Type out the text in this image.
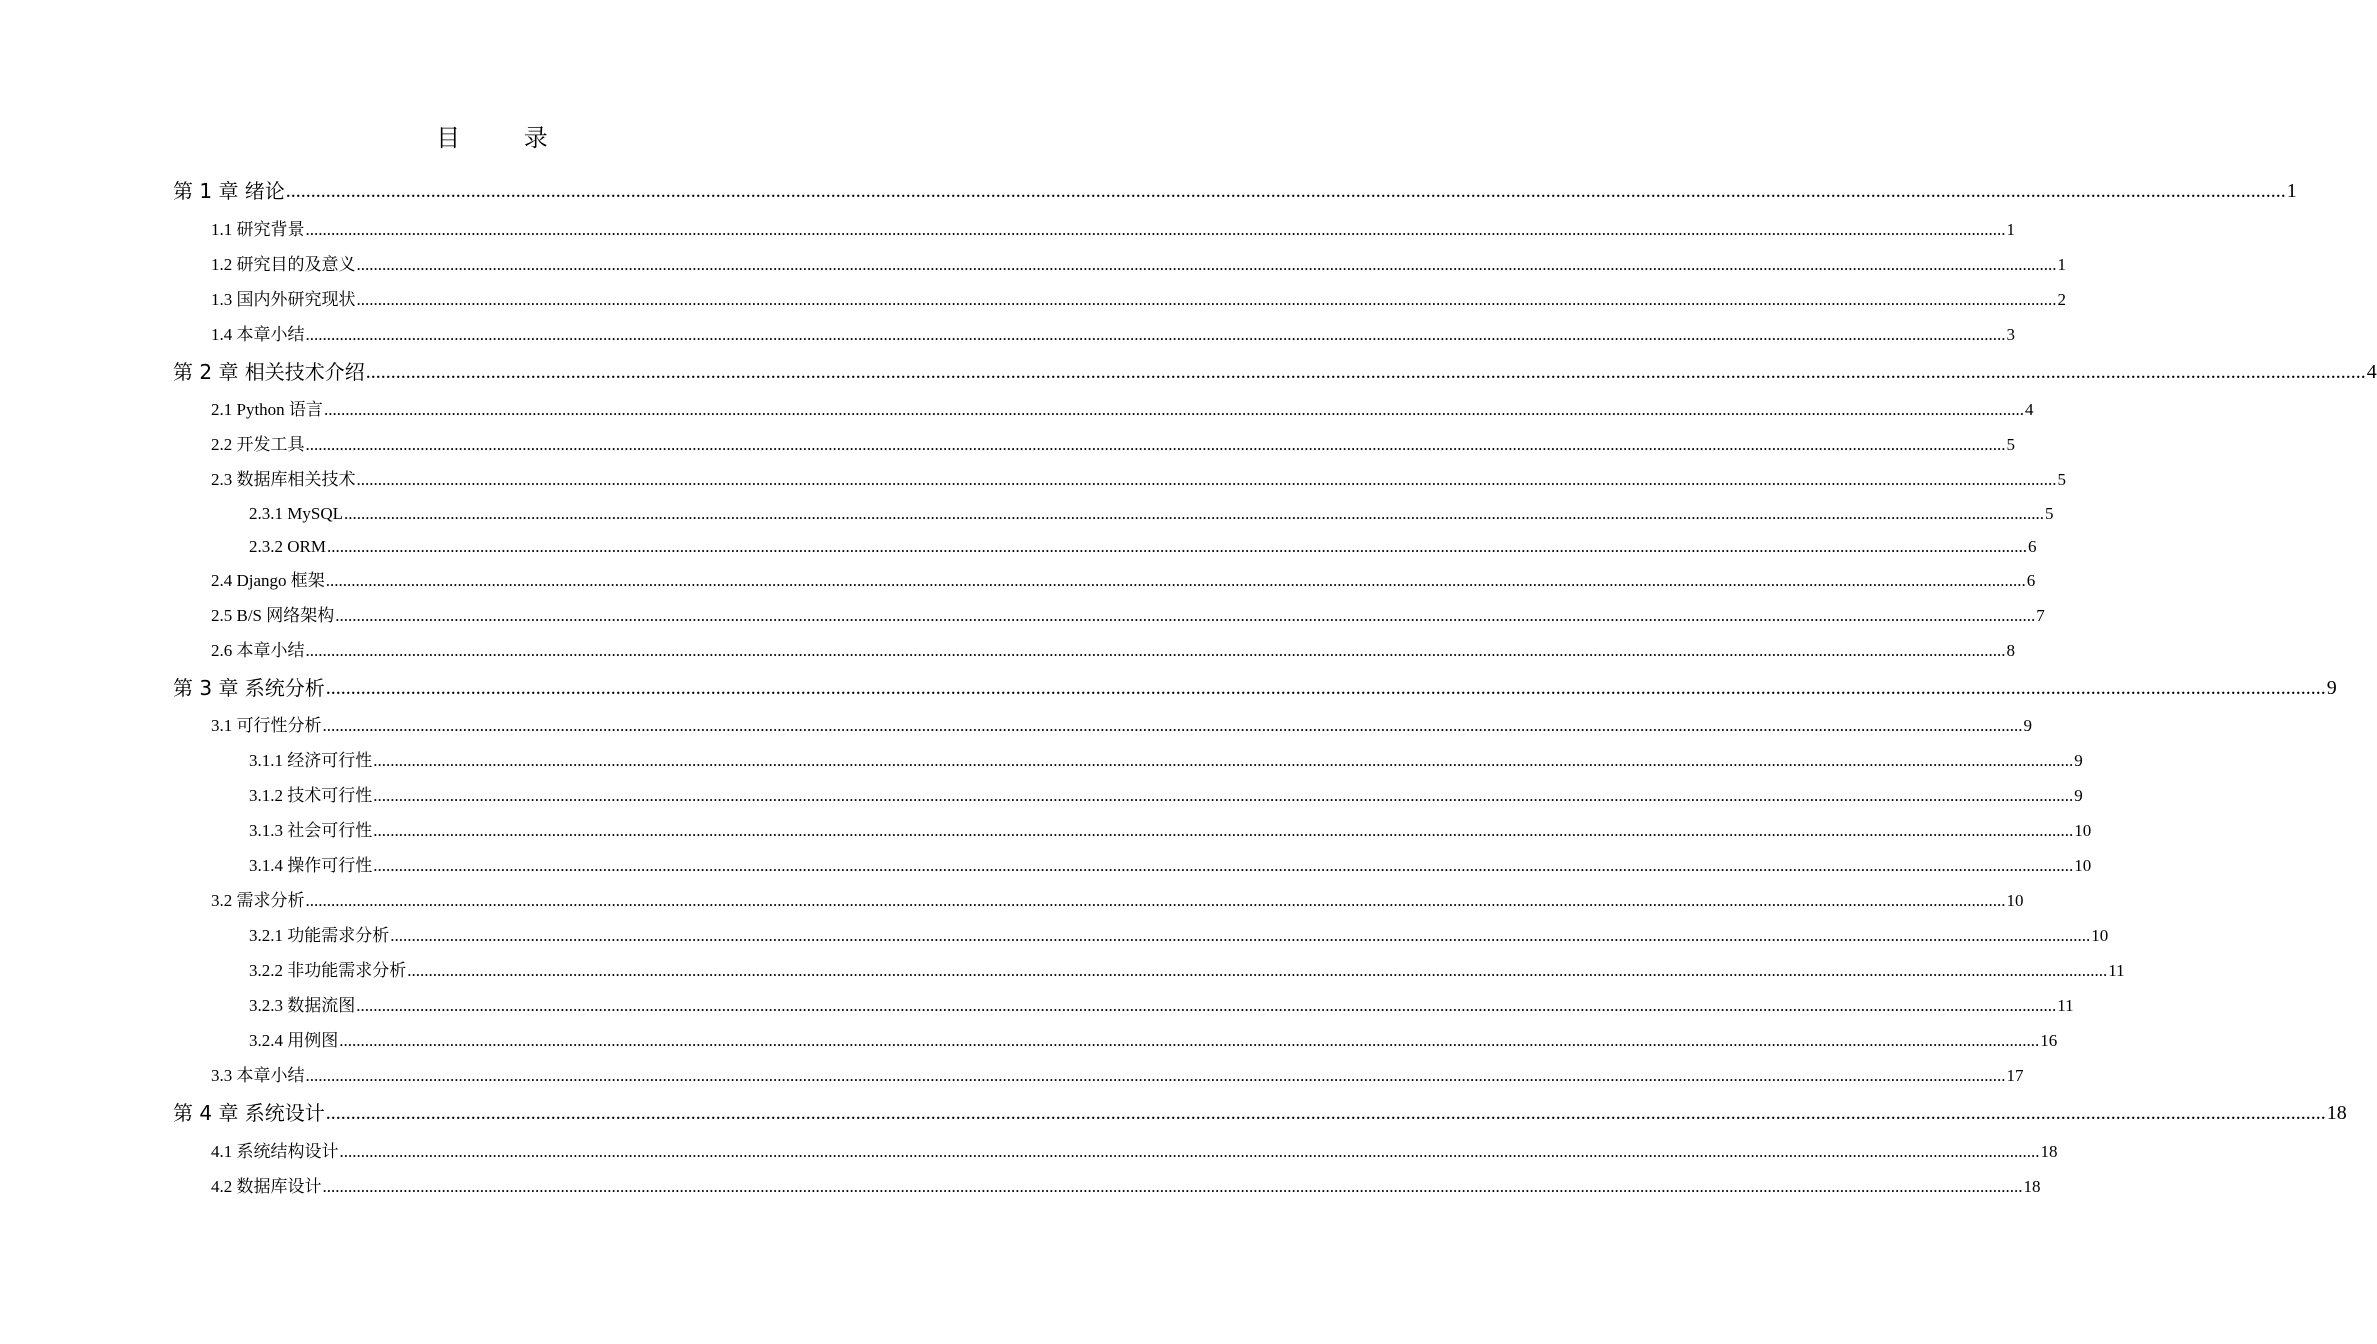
目 录
第 1 章 绪论 ................................................................................................................................................................................................................................................................................................................................................................................................................ 1
1.1 研究背景 ................................................................................................................................................................................................................................................................................................................................................................................................................ 1
1.2 研究目的及意义 ................................................................................................................................................................................................................................................................................................................................................................................................................ 1
1.3 国内外研究现状 ................................................................................................................................................................................................................................................................................................................................................................................................................ 2
1.4 本章小结 ................................................................................................................................................................................................................................................................................................................................................................................................................ 3
第 2 章 相关技术介绍 ................................................................................................................................................................................................................................................................................................................................................................................................................ 4
2.1 Python 语言 ................................................................................................................................................................................................................................................................................................................................................................................................................ 4
2.2 开发工具 ................................................................................................................................................................................................................................................................................................................................................................................................................ 5
2.3 数据库相关技术 ................................................................................................................................................................................................................................................................................................................................................................................................................ 5
2.3.1 MySQL ................................................................................................................................................................................................................................................................................................................................................................................................................ 5
2.3.2 ORM ................................................................................................................................................................................................................................................................................................................................................................................................................ 6
2.4 Django 框架 ................................................................................................................................................................................................................................................................................................................................................................................................................ 6
2.5 B/S 网络架构 ................................................................................................................................................................................................................................................................................................................................................................................................................ 7
2.6 本章小结 ................................................................................................................................................................................................................................................................................................................................................................................................................ 8
第 3 章 系统分析 ................................................................................................................................................................................................................................................................................................................................................................................................................ 9
3.1 可行性分析 ................................................................................................................................................................................................................................................................................................................................................................................................................ 9
3.1.1 经济可行性 ................................................................................................................................................................................................................................................................................................................................................................................................................ 9
3.1.2 技术可行性 ................................................................................................................................................................................................................................................................................................................................................................................................................ 9
3.1.3 社会可行性 ................................................................................................................................................................................................................................................................................................................................................................................................................ 10
3.1.4 操作可行性 ................................................................................................................................................................................................................................................................................................................................................................................................................ 10
3.2 需求分析 ................................................................................................................................................................................................................................................................................................................................................................................................................ 10
3.2.1 功能需求分析 ................................................................................................................................................................................................................................................................................................................................................................................................................ 10
3.2.2 非功能需求分析 ................................................................................................................................................................................................................................................................................................................................................................................................................ 11
3.2.3 数据流图 ................................................................................................................................................................................................................................................................................................................................................................................................................ 11
3.2.4 用例图 ................................................................................................................................................................................................................................................................................................................................................................................................................ 16
3.3 本章小结 ................................................................................................................................................................................................................................................................................................................................................................................................................ 17
第 4 章 系统设计 ................................................................................................................................................................................................................................................................................................................................................................................................................ 18
4.1 系统结构设计 ................................................................................................................................................................................................................................................................................................................................................................................................................ 18
4.2 数据库设计 ................................................................................................................................................................................................................................................................................................................................................................................................................ 18
